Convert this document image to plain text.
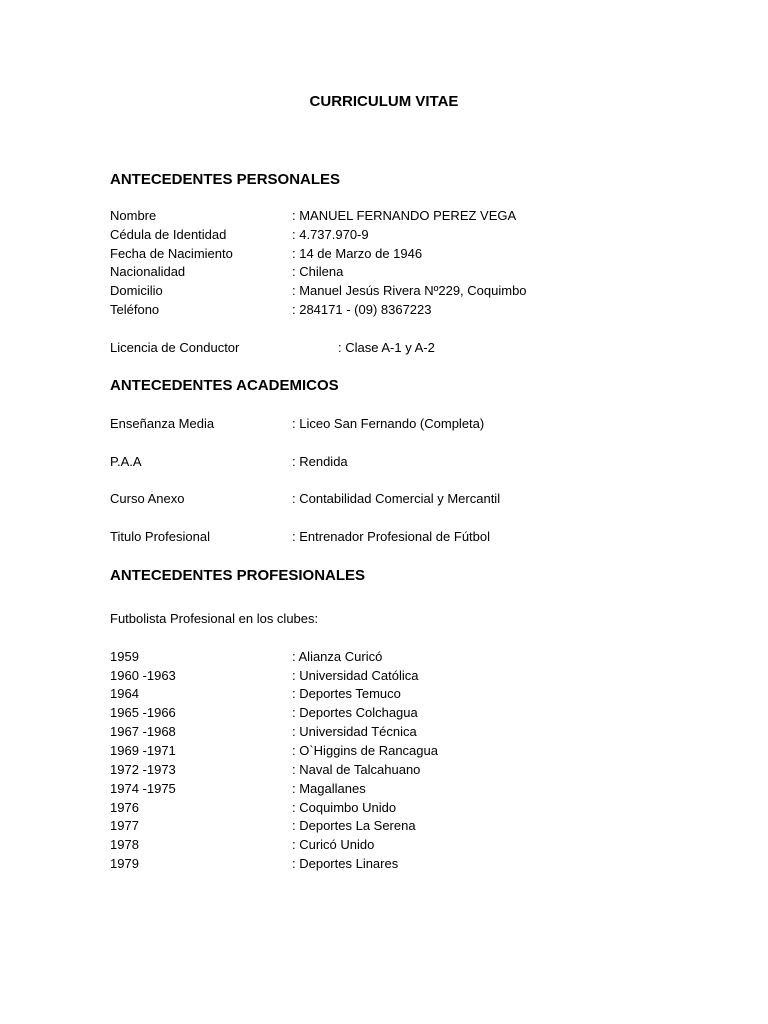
CURRICULUM VITAE
ANTECEDENTES PERSONALES
Nombre	: MANUEL FERNANDO PEREZ VEGA
Cédula de Identidad	: 4.737.970-9
Fecha de Nacimiento	: 14 de Marzo de 1946
Nacionalidad	: Chilena
Domicilio	: Manuel Jesús Rivera Nº229, Coquimbo
Teléfono	: 284171 - (09) 8367223
Licencia de Conductor	: Clase A-1 y A-2
ANTECEDENTES ACADEMICOS
Enseñanza Media	: Liceo San Fernando (Completa)
P.A.A	: Rendida
Curso Anexo	: Contabilidad Comercial y Mercantil
Titulo Profesional	: Entrenador Profesional de Fútbol
ANTECEDENTES PROFESIONALES
Futbolista Profesional en los clubes:
1959	: Alianza Curicó
1960 -1963	: Universidad Católica
1964	: Deportes Temuco
1965 -1966	: Deportes Colchagua
1967 -1968	: Universidad Técnica
1969 -1971	: O`Higgins de Rancagua
1972 -1973	: Naval de Talcahuano
1974 -1975	: Magallanes
1976	: Coquimbo Unido
1977	: Deportes La Serena
1978	: Curicó Unido
1979	: Deportes Linares
